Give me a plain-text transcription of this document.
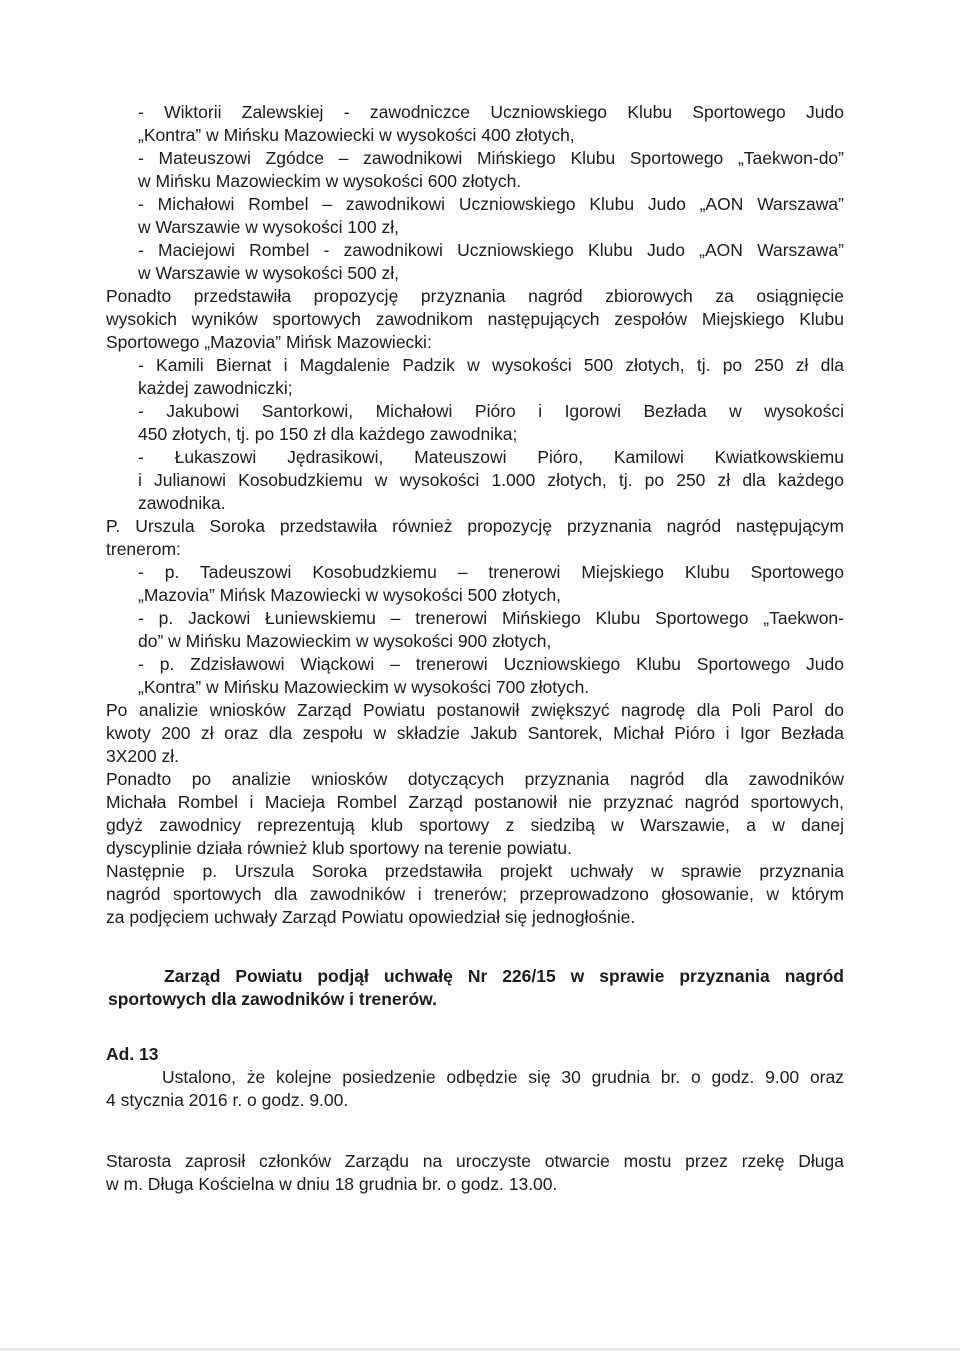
- Wiktorii Zalewskiej - zawodniczce Uczniowskiego Klubu Sportowego Judo
„Kontra” w Mińsku Mazowiecki w wysokości 400 złotych,
- Mateuszowi Zgódce – zawodnikowi Mińskiego Klubu Sportowego „Taekwon-do”
w Mińsku Mazowieckim w wysokości 600 złotych.
- Michałowi Rombel – zawodnikowi Uczniowskiego Klubu Judo „AON Warszawa”
w Warszawie w wysokości 100 zł,
- Maciejowi Rombel - zawodnikowi Uczniowskiego Klubu Judo „AON Warszawa”
w Warszawie w wysokości 500 zł,
Ponadto przedstawiła propozycję przyznania nagród zbiorowych za osiągnięcie
wysokich wyników sportowych zawodnikom następujących zespołów Miejskiego Klubu
Sportowego „Mazovia” Mińsk Mazowiecki:
- Kamili Biernat i Magdalenie Padzik w wysokości 500 złotych, tj. po 250 zł dla
każdej zawodniczki;
- Jakubowi Santorkowi, Michałowi Pióro i Igorowi Bezłada w wysokości
450 złotych, tj. po 150 zł dla każdego zawodnika;
- Łukaszowi Jędrasikowi, Mateuszowi Pióro, Kamilowi Kwiatkowskiemu
i Julianowi Kosobudzkiemu w wysokości 1.000 złotych, tj. po 250 zł dla każdego
zawodnika.
P. Urszula Soroka przedstawiła również propozycję przyznania nagród następującym
trenerom:
- p. Tadeuszowi Kosobudzkiemu – trenerowi Miejskiego Klubu Sportowego
„Mazovia” Mińsk Mazowiecki w wysokości 500 złotych,
- p. Jackowi Łuniewskiemu – trenerowi Mińskiego Klubu Sportowego „Taekwon-
do” w Mińsku Mazowieckim w wysokości 900 złotych,
- p. Zdzisławowi Wiąckowi – trenerowi Uczniowskiego Klubu Sportowego Judo
„Kontra” w Mińsku Mazowieckim w wysokości 700 złotych.
Po analizie wniosków Zarząd Powiatu postanowił zwiększyć nagrodę dla Poli Parol do
kwoty 200 zł oraz dla zespołu w składzie Jakub Santorek, Michał Pióro i Igor Bezłada
3X200 zł.
Ponadto po analizie wniosków dotyczących przyznania nagród dla zawodników
Michała Rombel i Macieja Rombel Zarząd postanowił nie przyznać nagród sportowych,
gdyż zawodnicy reprezentują klub sportowy z siedzibą w Warszawie, a w danej
dyscyplinie działa również klub sportowy na terenie powiatu.
Następnie p. Urszula Soroka przedstawiła projekt uchwały w sprawie przyznania
nagród sportowych dla zawodników i trenerów; przeprowadzono głosowanie, w którym
za podjęciem uchwały Zarząd Powiatu opowiedział się jednogłośnie.
Zarząd Powiatu podjął uchwałę Nr 226/15 w sprawie przyznania nagród
sportowych dla zawodników i trenerów.
Ad. 13
Ustalono, że kolejne posiedzenie odbędzie się 30 grudnia br. o godz. 9.00 oraz
4 stycznia 2016 r. o godz. 9.00.
Starosta zaprosił członków Zarządu na uroczyste otwarcie mostu przez rzekę Długa
w m. Długa Kościelna w dniu 18 grudnia br. o godz. 13.00.
